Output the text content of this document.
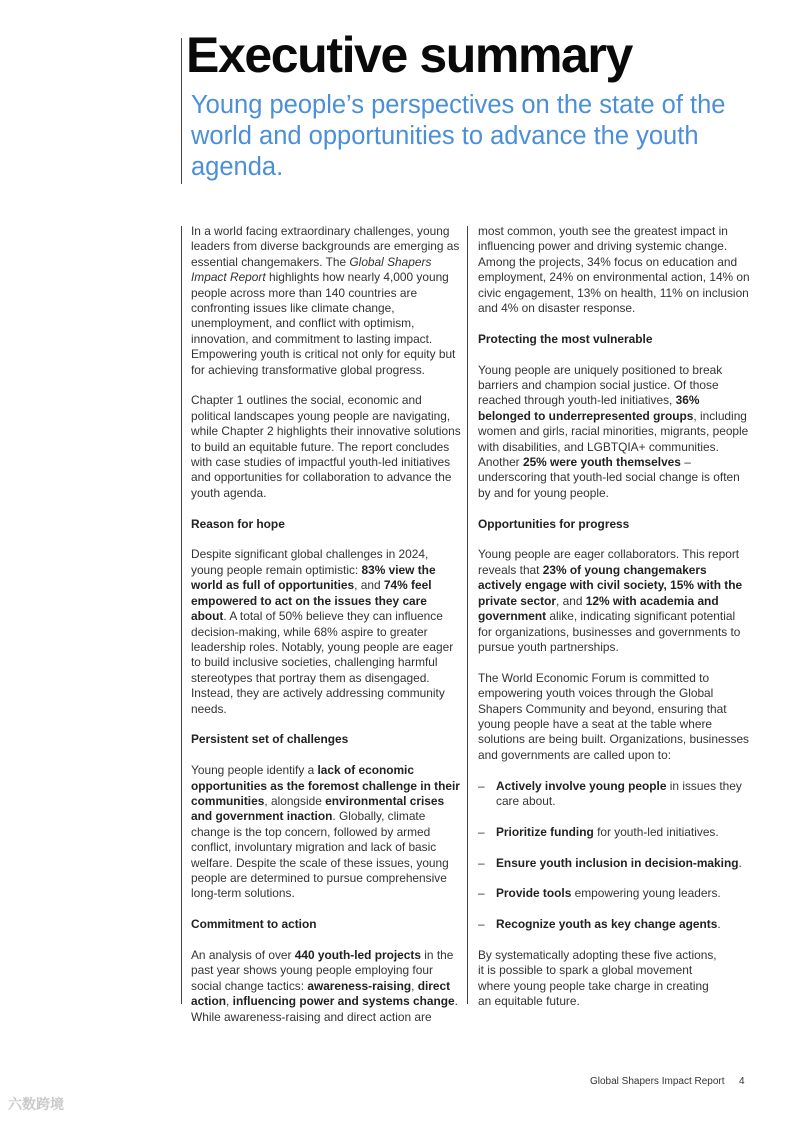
Executive summary
Young people’s perspectives on the state of the world and opportunities to advance the youth agenda.

In a world facing extraordinary challenges, young leaders from diverse backgrounds are emerging as essential changemakers. The Global Shapers Impact Report highlights how nearly 4,000 young people across more than 140 countries are confronting issues like climate change, unemployment, and conflict with optimism, innovation, and commitment to lasting impact. Empowering youth is critical not only for equity but for achieving transformative global progress.

Chapter 1 outlines the social, economic and political landscapes young people are navigating, while Chapter 2 highlights their innovative solutions to build an equitable future. The report concludes with case studies of impactful youth-led initiatives and opportunities for collaboration to advance the youth agenda.

Reason for hope

Despite significant global challenges in 2024, young people remain optimistic: 83% view the world as full of opportunities, and 74% feel empowered to act on the issues they care about. A total of 50% believe they can influence decision-making, while 68% aspire to greater leadership roles. Notably, young people are eager to build inclusive societies, challenging harmful stereotypes that portray them as disengaged. Instead, they are actively addressing community needs.

Persistent set of challenges

Young people identify a lack of economic opportunities as the foremost challenge in their communities, alongside environmental crises and government inaction. Globally, climate change is the top concern, followed by armed conflict, involuntary migration and lack of basic welfare. Despite the scale of these issues, young people are determined to pursue comprehensive long-term solutions.

Commitment to action

An analysis of over 440 youth-led projects in the past year shows young people employing four social change tactics: awareness-raising, direct action, influencing power and systems change. While awareness-raising and direct action are

most common, youth see the greatest impact in influencing power and driving systemic change. Among the projects, 34% focus on education and employment, 24% on environmental action, 14% on civic engagement, 13% on health, 11% on inclusion and 4% on disaster response.

Protecting the most vulnerable

Young people are uniquely positioned to break barriers and champion social justice. Of those reached through youth-led initiatives, 36% belonged to underrepresented groups, including women and girls, racial minorities, migrants, people with disabilities, and LGBTQIA+ communities. Another 25% were youth themselves – underscoring that youth-led social change is often by and for young people.

Opportunities for progress

Young people are eager collaborators. This report reveals that 23% of young changemakers actively engage with civil society, 15% with the private sector, and 12% with academia and government alike, indicating significant potential for organizations, businesses and governments to pursue youth partnerships.

The World Economic Forum is committed to empowering youth voices through the Global Shapers Community and beyond, ensuring that young people have a seat at the table where solutions are being built. Organizations, businesses and governments are called upon to:

– Actively involve young people in issues they care about.
– Prioritize funding for youth-led initiatives.
– Ensure youth inclusion in decision-making.
– Provide tools empowering young leaders.
– Recognize youth as key change agents.

By systematically adopting these five actions, it is possible to spark a global movement where young people take charge in creating an equitable future.

Global Shapers Impact Report 4
六数跨境
